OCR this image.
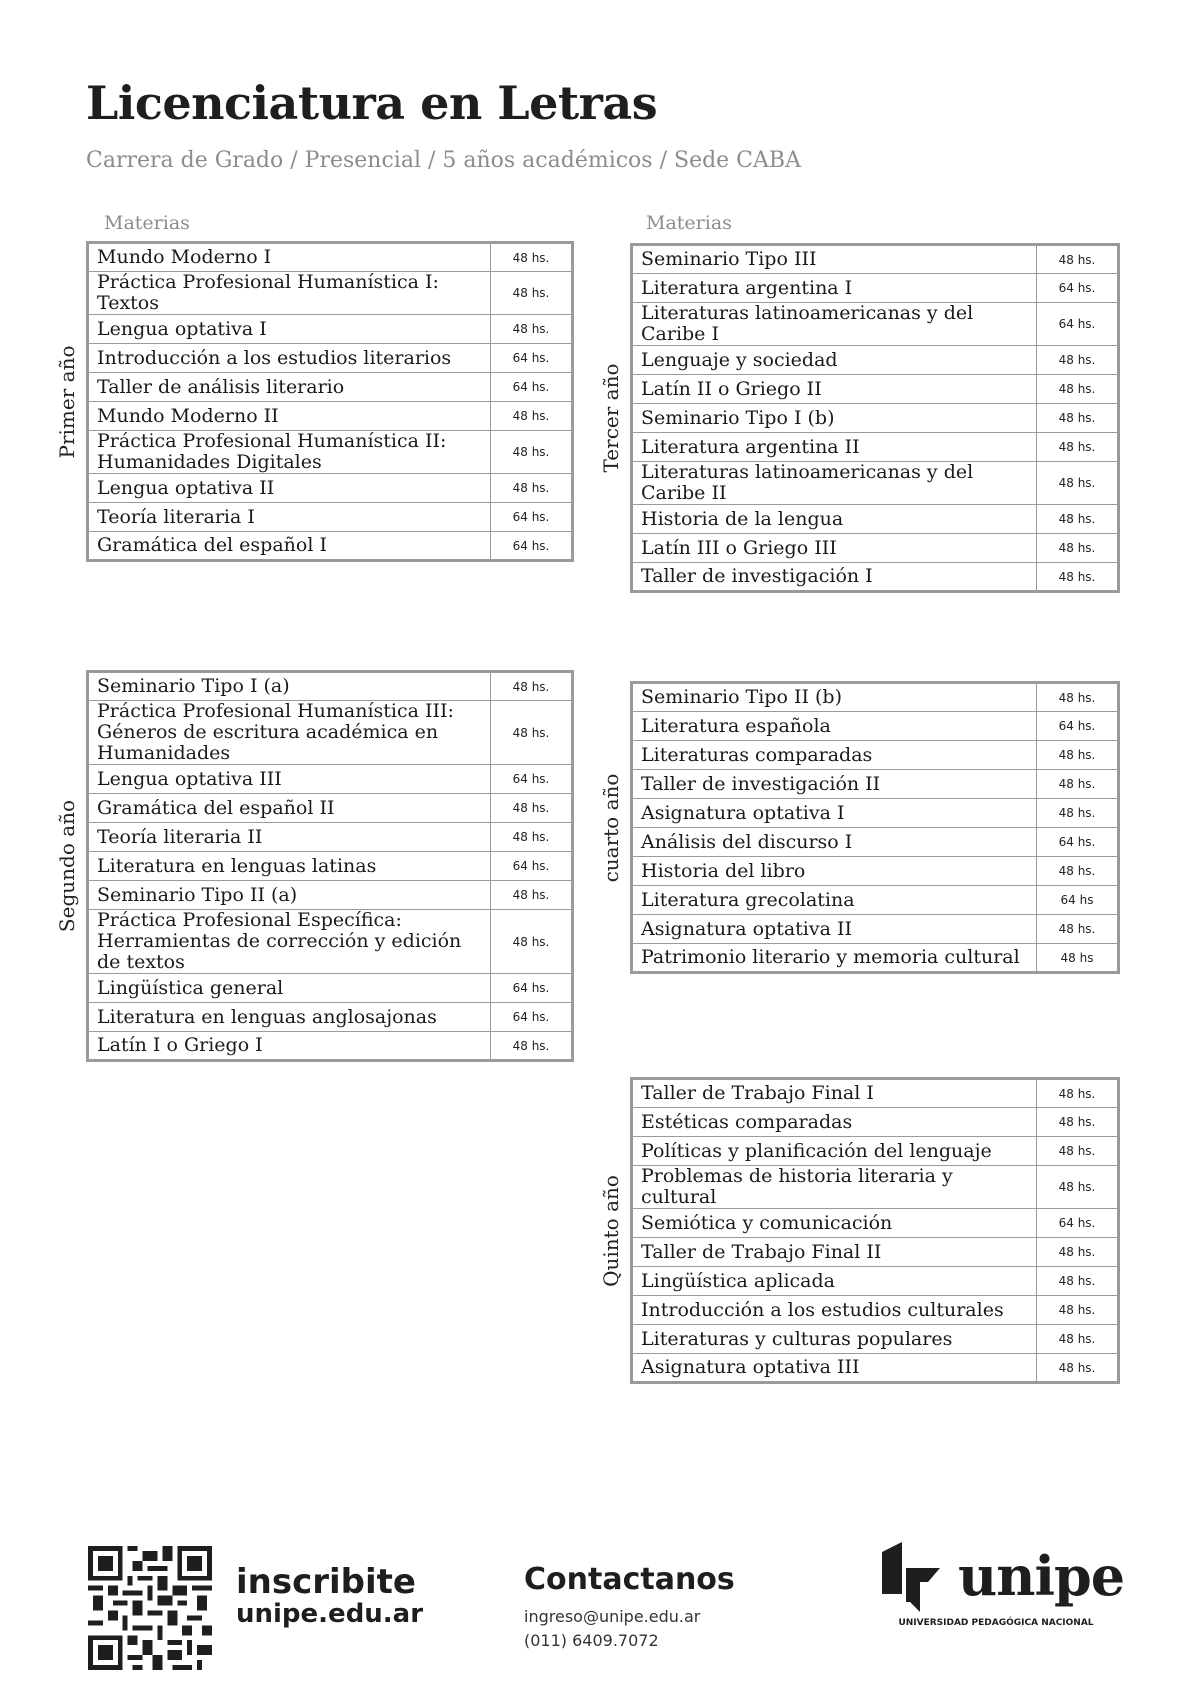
Licenciatura en Letras
Carrera de Grado / Presencial / 5 años académicos / Sede CABA
Materias	Materias
Primer año
Mundo Moderno I	48 hs.
Práctica Profesional Humanística I: Textos	48 hs.
Lengua optativa I	48 hs.
Introducción a los estudios literarios	64 hs.
Taller de análisis literario	64 hs.
Mundo Moderno II	48 hs.
Práctica Profesional Humanística II: Humanidades Digitales	48 hs.
Lengua optativa II	48 hs.
Teoría literaria I	64 hs.
Gramática del español I	64 hs.
Segundo año
Seminario Tipo I (a)	48 hs.
Práctica Profesional Humanística III: Géneros de escritura académica en Humanidades	48 hs.
Lengua optativa III	64 hs.
Gramática del español II	48 hs.
Teoría literaria II	48 hs.
Literatura en lenguas latinas	64 hs.
Seminario Tipo II (a)	48 hs.
Práctica Profesional Específica: Herramientas de corrección y edición de textos	48 hs.
Lingüística general	64 hs.
Literatura en lenguas anglosajonas	64 hs.
Latín I o Griego I	48 hs.
Tercer año
Seminario Tipo III	48 hs.
Literatura argentina I	64 hs.
Literaturas latinoamericanas y del Caribe I	64 hs.
Lenguaje y sociedad	48 hs.
Latín II o Griego II	48 hs.
Seminario Tipo I (b)	48 hs.
Literatura argentina II	48 hs.
Literaturas latinoamericanas y del Caribe II	48 hs.
Historia de la lengua	48 hs.
Latín III o Griego III	48 hs.
Taller de investigación I	48 hs.
cuarto año
Seminario Tipo II (b)	48 hs.
Literatura española	64 hs.
Literaturas comparadas	48 hs.
Taller de investigación II	48 hs.
Asignatura optativa I	48 hs.
Análisis del discurso I	64 hs.
Historia del libro	48 hs.
Literatura grecolatina	64 hs
Asignatura optativa II	48 hs.
Patrimonio literario y memoria cultural	48 hs
Quinto año
Taller de Trabajo Final I	48 hs.
Estéticas comparadas	48 hs.
Políticas y planificación del lenguaje	48 hs.
Problemas de historia literaria y cultural	48 hs.
Semiótica y comunicación	64 hs.
Taller de Trabajo Final II	48 hs.
Lingüística aplicada	48 hs.
Introducción a los estudios culturales	48 hs.
Literaturas y culturas populares	48 hs.
Asignatura optativa III	48 hs.
inscribite
unipe.edu.ar
Contactanos
ingreso@unipe.edu.ar
(011) 6409.7072
unipe
UNIVERSIDAD PEDAGÓGICA NACIONAL
